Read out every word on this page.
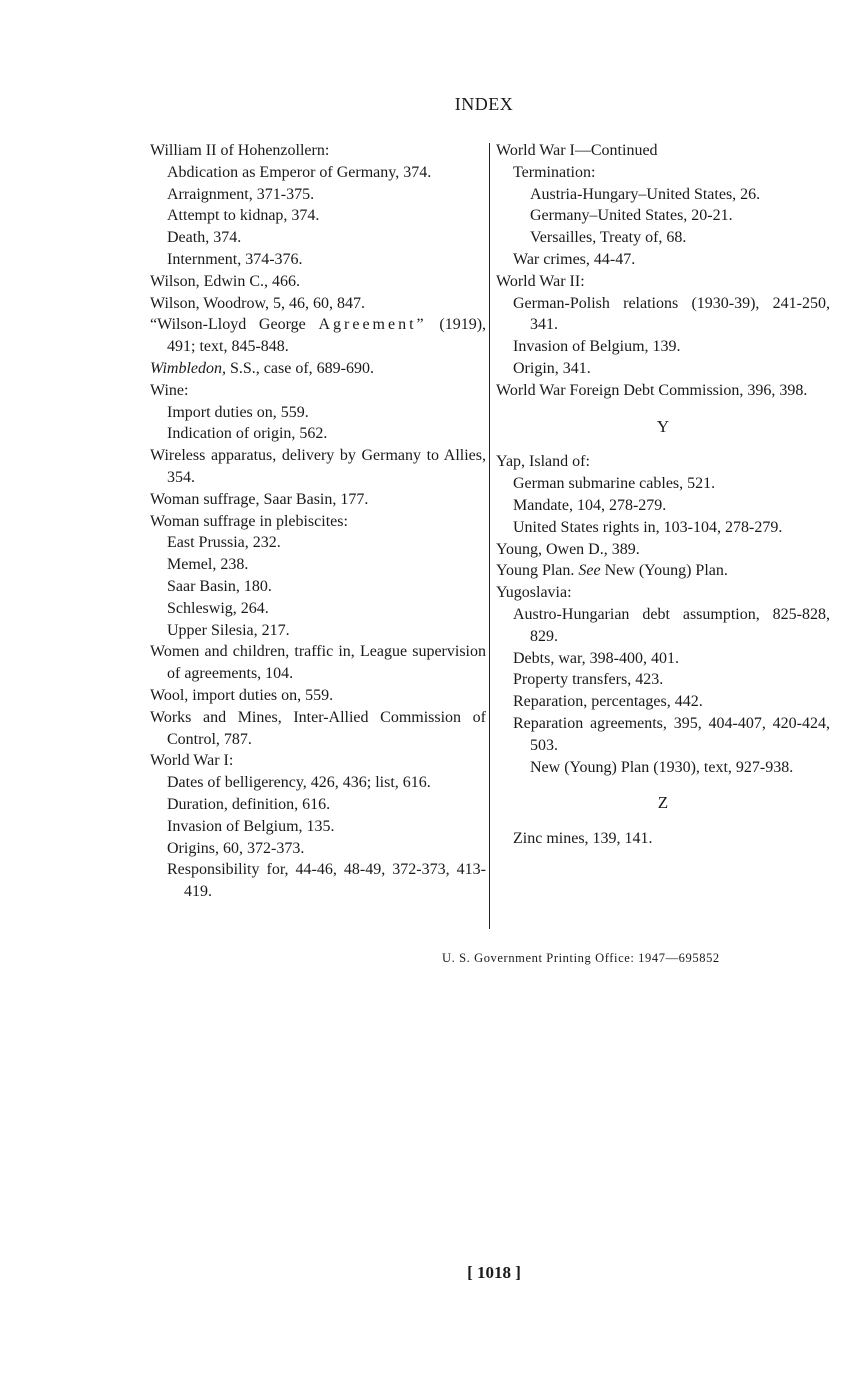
INDEX
William II of Hohenzollern:
Abdication as Emperor of Germany, 374.
Arraignment, 371-375.
Attempt to kidnap, 374.
Death, 374.
Internment, 374-376.
Wilson, Edwin C., 466.
Wilson, Woodrow, 5, 46, 60, 847.
“Wilson-Lloyd George Agreement” (1919), 491; text, 845-848.
Wimbledon, S.S., case of, 689-690.
Wine:
Import duties on, 559.
Indication of origin, 562.
Wireless apparatus, delivery by Germany to Allies, 354.
Woman suffrage, Saar Basin, 177.
Woman suffrage in plebiscites:
East Prussia, 232.
Memel, 238.
Saar Basin, 180.
Schleswig, 264.
Upper Silesia, 217.
Women and children, traffic in, League supervision of agreements, 104.
Wool, import duties on, 559.
Works and Mines, Inter-Allied Commission of Control, 787.
World War I:
Dates of belligerency, 426, 436; list, 616.
Duration, definition, 616.
Invasion of Belgium, 135.
Origins, 60, 372-373.
Responsibility for, 44-46, 48-49, 372-373, 413-419.
World War I—Continued
Termination:
Austria-Hungary–United States, 26.
Germany–United States, 20-21.
Versailles, Treaty of, 68.
War crimes, 44-47.
World War II:
German-Polish relations (1930-39), 241-250, 341.
Invasion of Belgium, 139.
Origin, 341.
World War Foreign Debt Commission, 396, 398.
Y
Yap, Island of:
German submarine cables, 521.
Mandate, 104, 278-279.
United States rights in, 103-104, 278-279.
Young, Owen D., 389.
Young Plan. See New (Young) Plan.
Yugoslavia:
Austro-Hungarian debt assumption, 825-828, 829.
Debts, war, 398-400, 401.
Property transfers, 423.
Reparation, percentages, 442.
Reparation agreements, 395, 404-407, 420-424, 503.
New (Young) Plan (1930), text, 927-938.
Z
Zinc mines, 139, 141.
U. S. Government Printing Office: 1947—695852
[ 1018 ]
